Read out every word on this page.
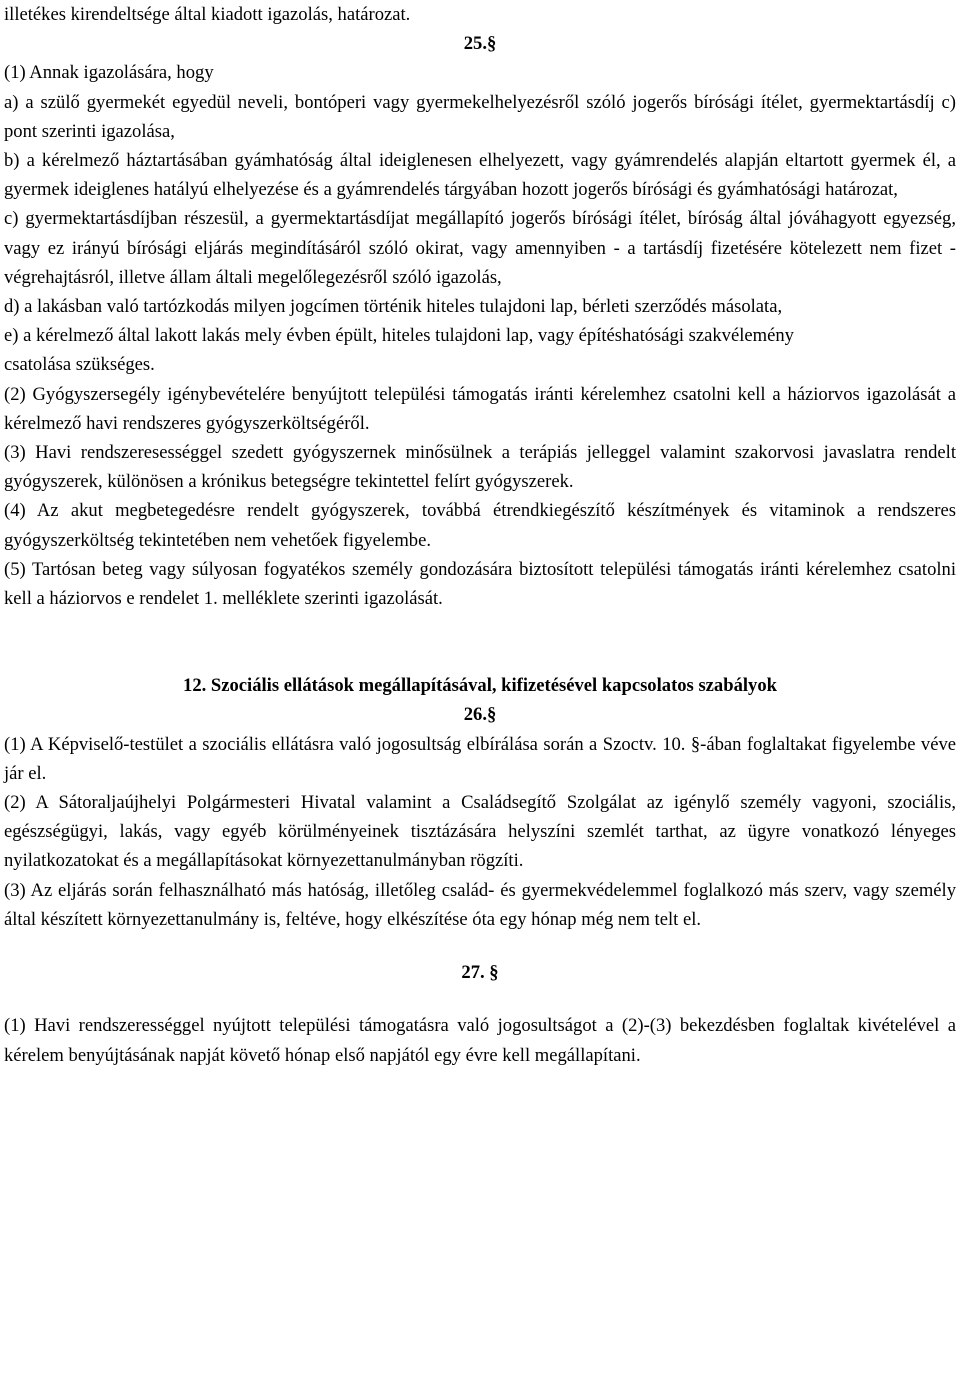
illetékes kirendeltsége által kiadott igazolás, határozat.

25.§

(1) Annak igazolására, hogy

a) a szülő gyermekét egyedül neveli, bontóperi vagy gyermekelhelyezésről szóló jogerős bírósági ítélet, gyermektartásdíj c) pont szerinti igazolása,

b) a kérelmező háztartásában gyámhatóság által ideiglenesen elhelyezett, vagy gyámrendelés alapján eltartott gyermek él, a gyermek ideiglenes hatályú elhelyezése és a gyámrendelés tárgyában hozott jogerős bírósági és gyámhatósági határozat,

c) gyermektartásdíjban részesül, a gyermektartásdíjat megállapító jogerős bírósági ítélet, bíróság által jóváhagyott egyezség, vagy ez irányú bírósági eljárás megindításáról szóló okirat, vagy amennyiben - a tartásdíj fizetésére kötelezett nem fizet - végrehajtásról, illetve állam általi megelőlegezésről szóló igazolás,

d) a lakásban való tartózkodás milyen jogcímen történik hiteles tulajdoni lap, bérleti szerződés másolata,

e) a kérelmező által lakott lakás mely évben épült, hiteles tulajdoni lap, vagy építéshatósági szakvélemény

csatolása szükséges.

(2) Gyógyszersegély igénybevételére benyújtott települési támogatás iránti kérelemhez csatolni kell a háziorvos igazolását a kérelmező havi rendszeres gyógyszerköltségéről.

(3) Havi rendszeresességgel szedett gyógyszernek minősülnek a terápiás jelleggel valamint szakorvosi javaslatra rendelt gyógyszerek, különösen a krónikus betegségre tekintettel felírt gyógyszerek.

(4) Az akut megbetegedésre rendelt gyógyszerek, továbbá étrendkiegészítő készítmények és vitaminok a rendszeres gyógyszerköltség tekintetében nem vehetőek figyelembe.

(5) Tartósan beteg vagy súlyosan fogyatékos személy gondozására biztosított települési támogatás iránti kérelemhez csatolni kell a háziorvos e rendelet 1. melléklete szerinti igazolását.

12. Szociális ellátások megállapításával, kifizetésével kapcsolatos szabályok

26.§

(1) A Képviselő-testület a szociális ellátásra való jogosultság elbírálása során a Szoctv. 10. §-ában foglaltakat figyelembe véve jár el.

(2) A Sátoraljaújhelyi Polgármesteri Hivatal valamint a Családsegítő Szolgálat az igénylő személy vagyoni, szociális, egészségügyi, lakás, vagy egyéb körülményeinek tisztázására helyszíni szemlét tarthat, az ügyre vonatkozó lényeges nyilatkozatokat és a megállapításokat környezettanulmányban rögzíti.

(3) Az eljárás során felhasználható más hatóság, illetőleg család- és gyermekvédelemmel foglalkozó más szerv, vagy személy által készített környezettanulmány is, feltéve, hogy elkészítése óta egy hónap még nem telt el.

27. §

(1) Havi rendszerességgel nyújtott települési támogatásra való jogosultságot a (2)-(3) bekezdésben foglaltak kivételével a kérelem benyújtásának napját követő hónap első napjától egy évre kell megállapítani.
